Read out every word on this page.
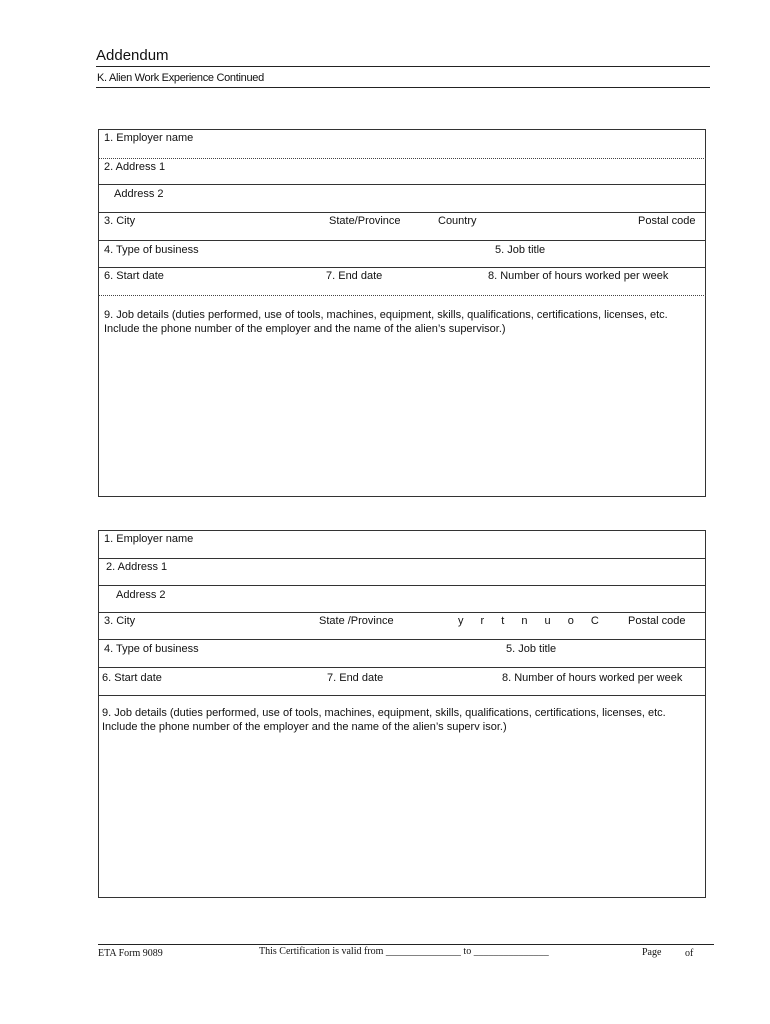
Addendum
K. Alien Work Experience Continued
1. Employer name
2. Address 1
Address 2
3. City	State/Province	Country	Postal code
4. Type of business	5. Job title
6. Start date	7. End date	8. Number of hours worked per week
9. Job details (duties performed, use of tools, machines, equipment, skills, qualifications, certifications, licenses, etc.
Include the phone number of the employer and the name of the alien’s supervisor.)
1. Employer name
2. Address 1
Address 2
3. City	State /Province	y r t n u o C Postal code
4. Type of business	5. Job title
6. Start date	7. End date	8. Number of hours worked per week
9. Job details (duties performed, use of tools, machines, equipment, skills, qualifications, certifications, licenses, etc.
Include the phone number of the employer and the name of the alien’s superv isor.)
ETA Form 9089	This Certification is valid from _______________ to _______________	Page of
